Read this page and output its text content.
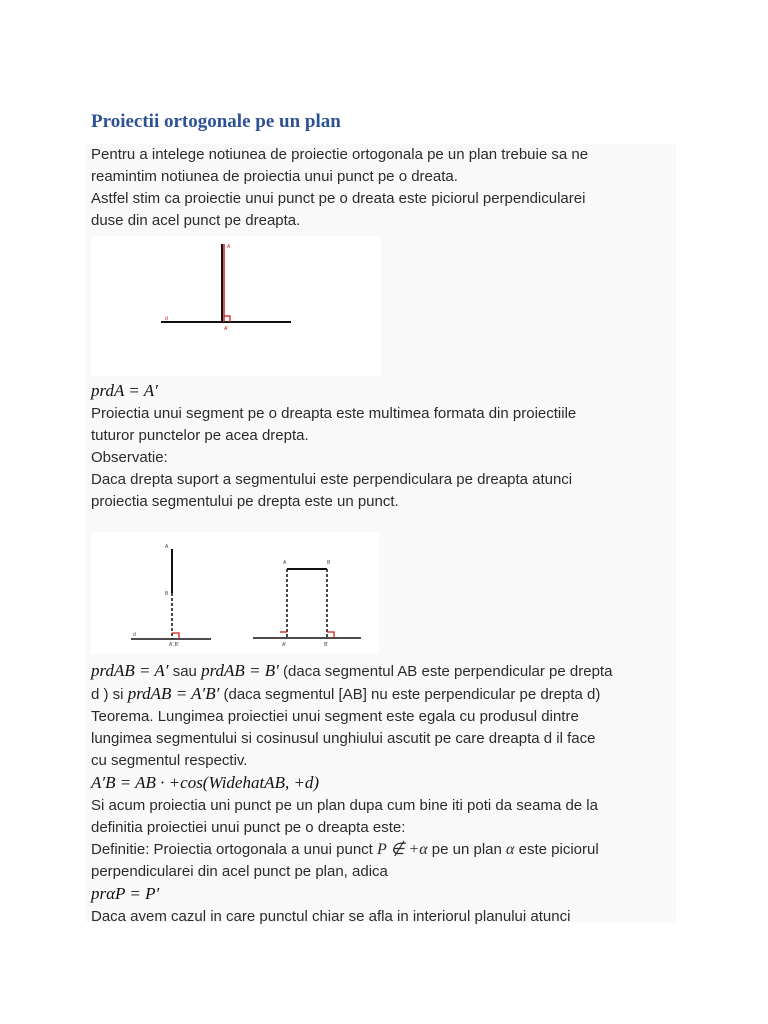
Proiectii ortogonale pe un plan

Pentru a intelege notiunea de proiectie ortogonala pe un plan trebuie sa ne

reamintim notiunea de proiectia unui punct pe o dreata.

Astfel stim ca proiectie unui punct pe o dreata este piciorul perpendicularei

duse din acel punct pe dreapta.

A
d
A'

prdA = A′

Proiectia unui segment pe o dreapta este multimea formata din proiectiile

tuturor punctelor pe acea drepta.

Observatie:

Daca drepta suport a segmentului este perpendiculara pe dreapta atunci

proiectia segmentului pe drepta este un punct.

A
B
d
A',B'
A	B
A'	B'

prdAB = A′ sau prdAB = B′ (daca segmentul AB este perpendicular pe drepta

d ) si prdAB = A′B′ (daca segmentul [AB] nu este perpendicular pe drepta d)

Teorema. Lungimea proiectiei unui segment este egala cu produsul dintre

lungimea segmentului si cosinusul unghiului ascutit pe care dreapta d il face

cu segmentul respectiv.

A′B = AB · +cos(WidehatAB, +d)

Si acum proiectia uni punct pe un plan dupa cum bine iti poti da seama de la

definitia proiectiei unui punct pe o dreapta este:

Definitie: Proiectia ortogonala a unui punct P ∉ +α pe un plan α este piciorul

perpendicularei din acel punct pe plan, adica

prαP = P′

Daca avem cazul in care punctul chiar se afla in interiorul planului atunci
